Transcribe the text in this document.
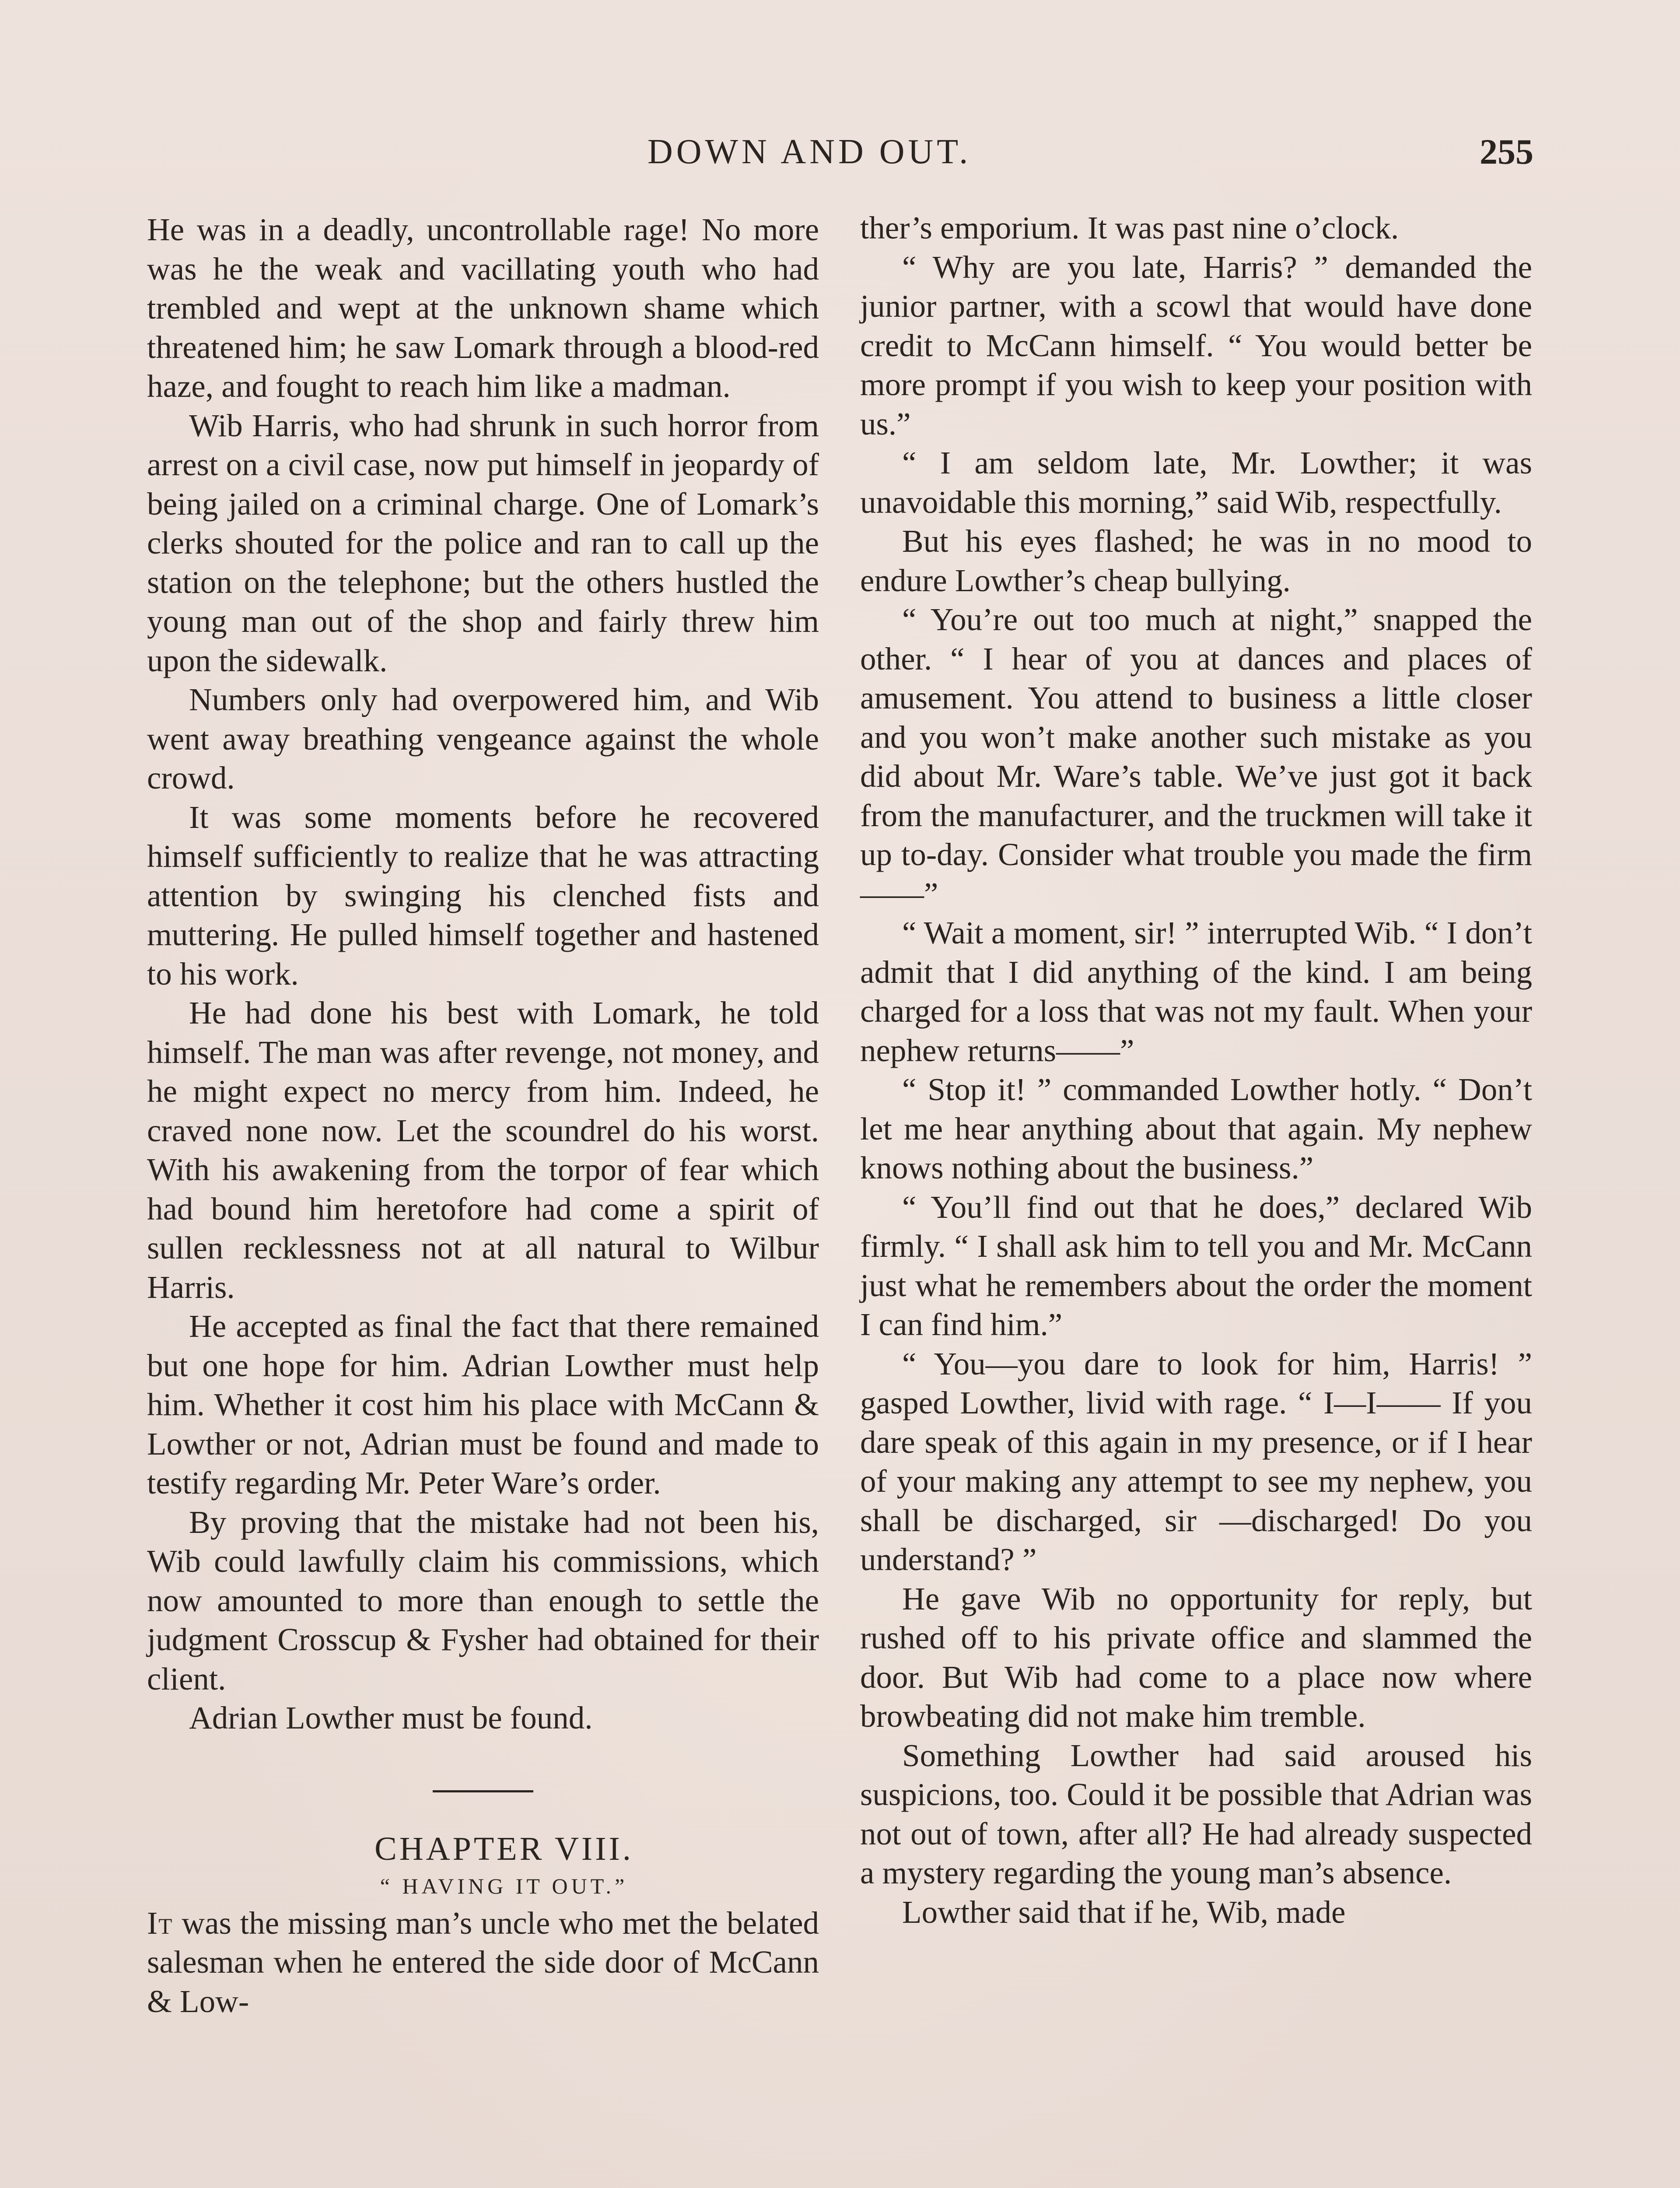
DOWN AND OUT.	255

He was in a deadly, uncontrollable rage! No more was he the weak and vacillating youth who had trembled and wept at the unknown shame which threatened him; he saw Lomark through a blood-red haze, and fought to reach him like a madman.

Wib Harris, who had shrunk in such horror from arrest on a civil case, now put himself in jeopardy of being jailed on a criminal charge. One of Lomark’s clerks shouted for the police and ran to call up the station on the telephone; but the others hustled the young man out of the shop and fairly threw him upon the sidewalk.

Numbers only had overpowered him, and Wib went away breathing vengeance against the whole crowd.

It was some moments before he recovered himself sufficiently to realize that he was attracting attention by swinging his clenched fists and muttering. He pulled himself together and hastened to his work.

He had done his best with Lomark, he told himself. The man was after revenge, not money, and he might expect no mercy from him. Indeed, he craved none now. Let the scoundrel do his worst. With his awakening from the torpor of fear which had bound him heretofore had come a spirit of sullen recklessness not at all natural to Wilbur Harris.

He accepted as final the fact that there remained but one hope for him. Adrian Lowther must help him. Whether it cost him his place with McCann & Lowther or not, Adrian must be found and made to testify regarding Mr. Peter Ware’s order.

By proving that the mistake had not been his, Wib could lawfully claim his commissions, which now amounted to more than enough to settle the judgment Crosscup & Fysher had obtained for their client.

Adrian Lowther must be found.

CHAPTER VIII.

“ HAVING IT OUT.”

It was the missing man’s uncle who met the belated salesman when he entered the side door of McCann & Low-

ther’s emporium. It was past nine o’clock.

“ Why are you late, Harris? ” demanded the junior partner, with a scowl that would have done credit to McCann himself. “ You would better be more prompt if you wish to keep your position with us.”

“ I am seldom late, Mr. Lowther; it was unavoidable this morning,” said Wib, respectfully.

But his eyes flashed; he was in no mood to endure Lowther’s cheap bullying.

“ You’re out too much at night,” snapped the other. “ I hear of you at dances and places of amusement. You attend to business a little closer and you won’t make another such mistake as you did about Mr. Ware’s table. We’ve just got it back from the manufacturer, and the truckmen will take it up to-day. Consider what trouble you made the firm——”

“ Wait a moment, sir! ” interrupted Wib. “ I don’t admit that I did anything of the kind. I am being charged for a loss that was not my fault. When your nephew returns——”

“ Stop it! ” commanded Lowther hotly. “ Don’t let me hear anything about that again. My nephew knows nothing about the business.”

“ You’ll find out that he does,” declared Wib firmly. “ I shall ask him to tell you and Mr. McCann just what he remembers about the order the moment I can find him.”

“ You—you dare to look for him, Harris! ” gasped Lowther, livid with rage. “ I—I—— If you dare speak of this again in my presence, or if I hear of your making any attempt to see my nephew, you shall be discharged, sir —discharged! Do you understand? ”

He gave Wib no opportunity for reply, but rushed off to his private office and slammed the door. But Wib had come to a place now where browbeating did not make him tremble.

Something Lowther had said aroused his suspicions, too. Could it be possible that Adrian was not out of town, after all? He had already suspected a mystery regarding the young man’s absence.

Lowther said that if he, Wib, made
